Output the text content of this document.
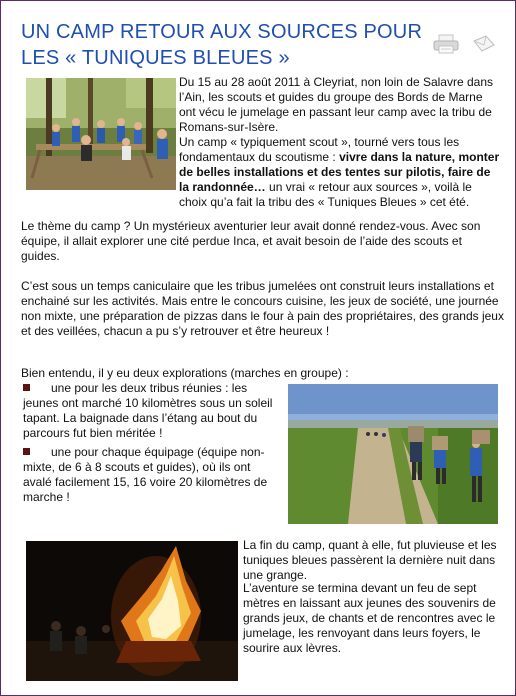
UN CAMP RETOUR AUX SOURCES POUR LES « TUNIQUES BLEUES »

Du 15 au 28 août 2011 à Cleyriat, non loin de Salavre dans l’Ain, les scouts et guides du groupe des Bords de Marne ont vécu le jumelage en passant leur camp avec la tribu de Romans-sur-Isère.

Un camp « typiquement scout », tourné vers tous les fondamentaux du scoutisme : vivre dans la nature, monter de belles installations et des tentes sur pilotis, faire de la randonnée… un vrai « retour aux sources », voilà le choix qu’a fait la tribu des « Tuniques Bleues » cet été.

Le thème du camp ? Un mystérieux aventurier leur avait donné rendez-vous. Avec son équipe, il allait explorer une cité perdue Inca, et avait besoin de l’aide des scouts et guides.

C’est sous un temps caniculaire que les tribus jumelées ont construit leurs installations et enchainé sur les activités. Mais entre le concours cuisine, les jeux de société, une journée non mixte, une préparation de pizzas dans le four à pain des propriétaires, des grands jeux et des veillées, chacun a pu s’y retrouver et être heureux !

Bien entendu, il y eu deux explorations (marches en groupe) :

une pour les deux tribus réunies : les jeunes ont marché 10 kilomètres sous un soleil tapant. La baignade dans l’étang au bout du parcours fut bien méritée !

une pour chaque équipage (équipe non-mixte, de 6 à 8 scouts et guides), où ils ont avalé facilement 15, 16 voire 20 kilomètres de marche !

La fin du camp, quant à elle, fut pluvieuse et les tuniques bleues passèrent la dernière nuit dans une grange.

L’aventure se termina devant un feu de sept mètres en laissant aux jeunes des souvenirs de grands jeux, de chants et de rencontres avec le jumelage, les renvoyant dans leurs foyers, le sourire aux lèvres.
